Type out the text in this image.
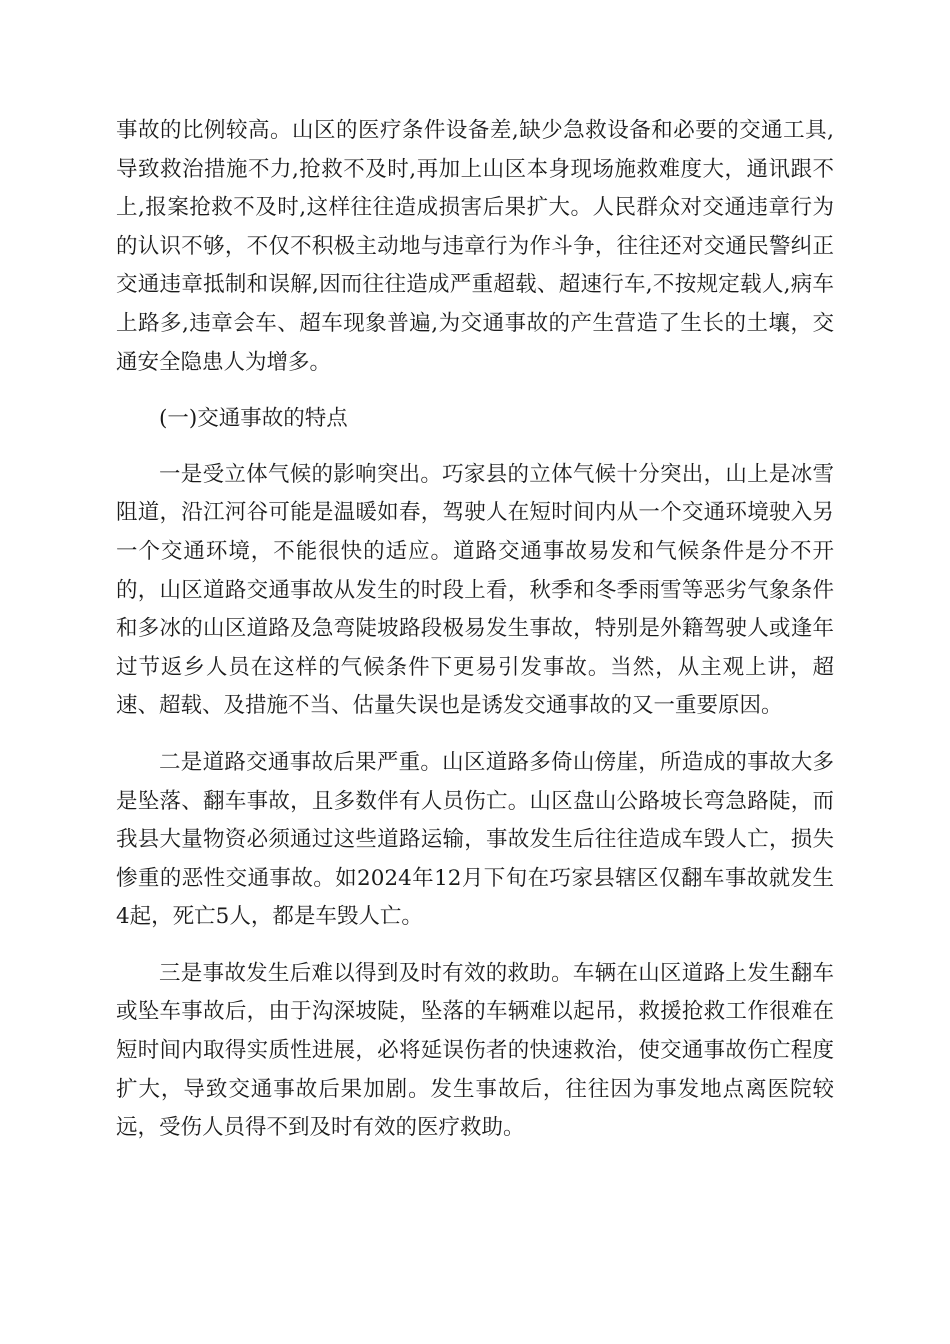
事故的比例较高。山区的医疗条件设备差,缺少急救设备和必要的交通工具,导致救治措施不力,抢救不及时,再加上山区本身现场施救难度大，通讯跟不上,报案抢救不及时,这样往往造成损害后果扩大。人民群众对交通违章行为的认识不够，不仅不积极主动地与违章行为作斗争，往往还对交通民警纠正交通违章抵制和误解,因而往往造成严重超载、超速行车,不按规定载人,病车上路多,违章会车、超车现象普遍,为交通事故的产生营造了生长的土壤，交通安全隐患人为增多。

(一)交通事故的特点

一是受立体气候的影响突出。巧家县的立体气候十分突出，山上是冰雪阻道，沿江河谷可能是温暖如春，驾驶人在短时间内从一个交通环境驶入另一个交通环境，不能很快的适应。道路交通事故易发和气候条件是分不开的，山区道路交通事故从发生的时段上看，秋季和冬季雨雪等恶劣气象条件和多冰的山区道路及急弯陡坡路段极易发生事故，特别是外籍驾驶人或逢年过节返乡人员在这样的气候条件下更易引发事故。当然，从主观上讲，超速、超载、及措施不当、估量失误也是诱发交通事故的又一重要原因。

二是道路交通事故后果严重。山区道路多倚山傍崖，所造成的事故大多是坠落、翻车事故，且多数伴有人员伤亡。山区盘山公路坡长弯急路陡，而我县大量物资必须通过这些道路运输，事故发生后往往造成车毁人亡，损失惨重的恶性交通事故。如2024年12月下旬在巧家县辖区仅翻车事故就发生4起，死亡5人，都是车毁人亡。

三是事故发生后难以得到及时有效的救助。车辆在山区道路上发生翻车或坠车事故后，由于沟深坡陡，坠落的车辆难以起吊，救援抢救工作很难在短时间内取得实质性进展，必将延误伤者的快速救治，使交通事故伤亡程度扩大，导致交通事故后果加剧。发生事故后，往往因为事发地点离医院较远，受伤人员得不到及时有效的医疗救助。
